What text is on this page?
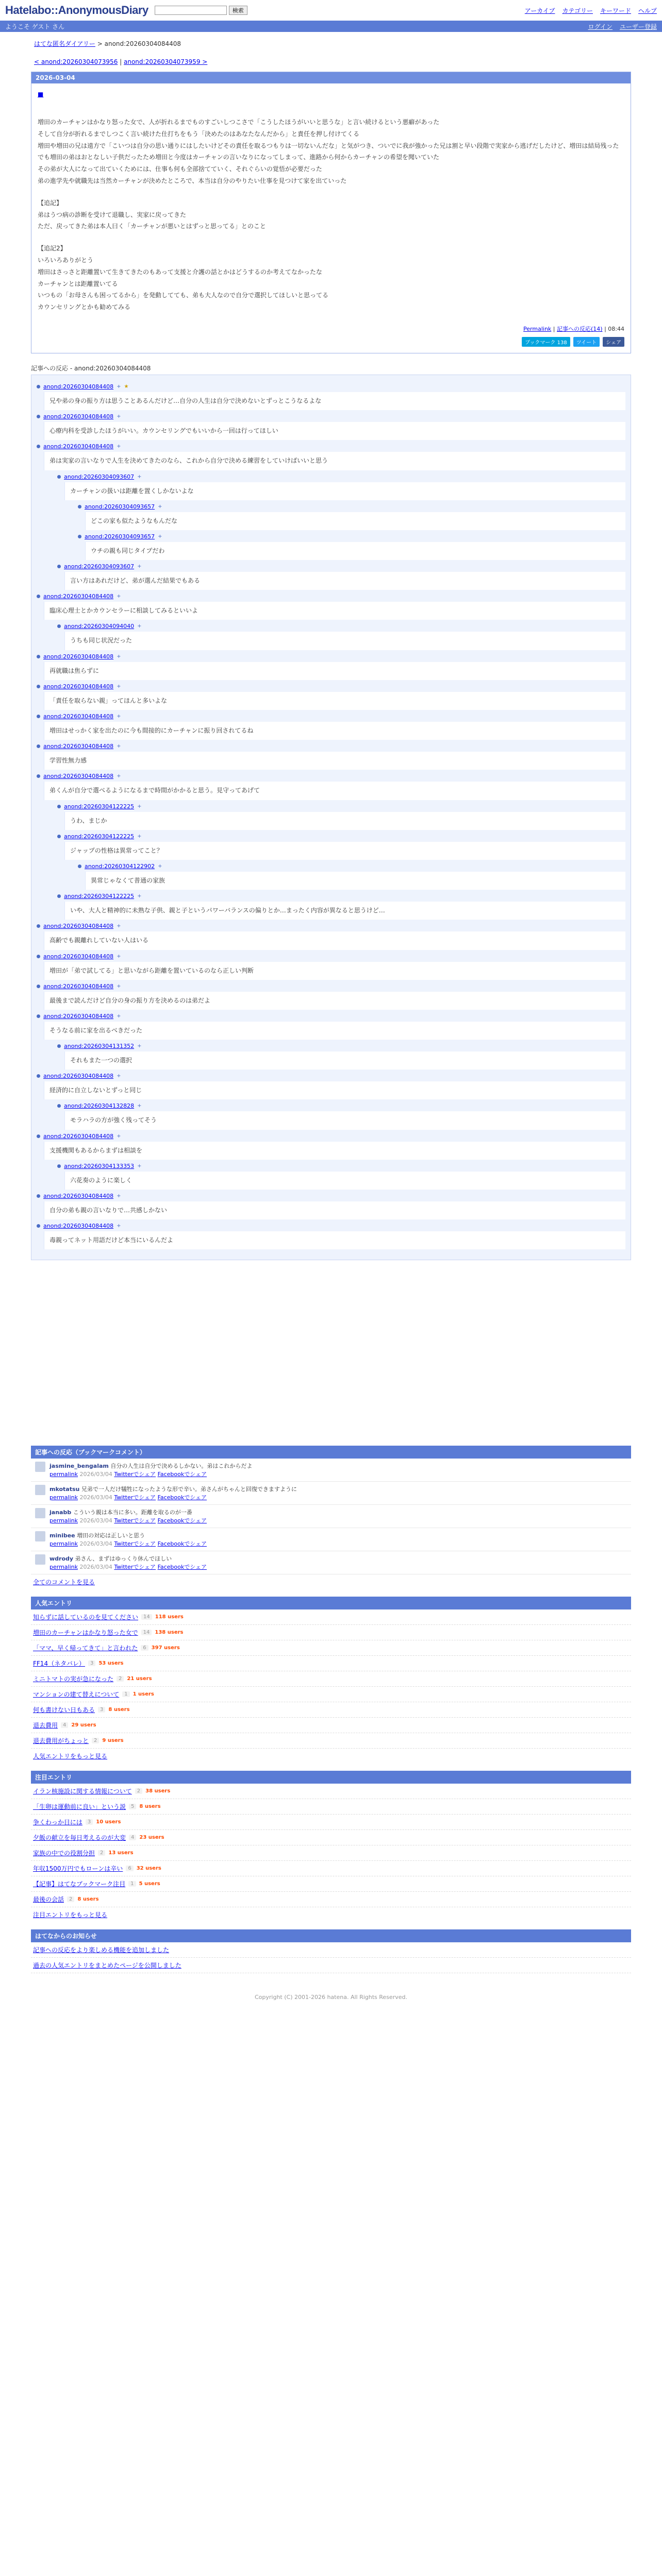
Hatelabo::AnonymousDiary	検索	アーカイブ カテゴリー キーワード ヘルプ
ようこそ ゲスト さん	ログイン ユーザー登録
はてな匿名ダイアリー > anond:20260304084408
< anond:20260304073956 | anond:20260304073959 >
2026-03-04
■

増田のカーチャンはかなり怒った女で、人が折れるまでものすごいしつこさで「こうしたほうがいいと思うな」と言い続けるという悪癖があった

そして自分が折れるまでしつこく言い続けた仕打ちをもう「決めたのはあなたなんだから」と責任を押し付けてくる

増田や増田の兄は遠方で「こいつは自分の思い通りにはしたいけどその責任を取るつもりは一切ないんだな」と気がつき、ついでに我が強かった兄は割と早い段階で実家から逃げだしたけど、増田は結局残った

でも増田の弟はおとなしい子供だったため増田と今度はカーチャンの言いなりになってしまって、進路から何からカーチャンの希望を聞いていた

その弟が大人になって出ていくためには、仕事も何も全部捨てていく、それぐらいの覚悟が必要だった

弟の進学先や就職先は当然カーチャンが決めたところで、本当は自分のやりたい仕事を見つけて家を出ていった

【追記】

弟はうつ病の診断を受けて退職し、実家に戻ってきた

ただ、戻ってきた弟は本人曰く「カーチャンが悪いとはずっと思ってる」とのこと

【追記2】

いろいろありがとう

増田はさっさと距離置いて生きてきたのもあって支援と介護の話とかはどうするのか考えてなかったな

カーチャンとは距離置いてる

いつもの「お母さんも困ってるから」を発動してても、弟も大人なので自分で選択してほしいと思ってる

カウンセリングとかも勧めてみる

Permalink | 記事への反応(14) | 08:44
ブックマーク 138	ツイート	シェア
記事への反応 - anond:20260304084408
anond:20260304084408 + ★
兄や弟の身の振り方は思うことあるんだけど…自分の人生は自分で決めないとずっとこうなるよな
anond:20260304084408 +
心療内科を受診したほうがいい。カウンセリングでもいいから一回は行ってほしい
anond:20260304084408 +
弟は実家の言いなりで人生を決めてきたのなら、これから自分で決める練習をしていけばいいと思う
anond:20260304093607 +
カーチャンの扱いは距離を置くしかないよな
anond:20260304093657 +
どこの家も似たようなもんだな
anond:20260304093657 +
ウチの親も同じタイプだわ
anond:20260304093607 +
言い方はあれだけど、弟が選んだ結果でもある
anond:20260304084408 +
臨床心理士とかカウンセラーに相談してみるといいよ
anond:20260304094040 +
うちも同じ状況だった
anond:20260304084408 +
再就職は焦らずに
anond:20260304084408 +
「責任を取らない親」ってほんと多いよな
anond:20260304084408 +
増田はせっかく家を出たのに今も間接的にカーチャンに振り回されてるね
anond:20260304084408 +
学習性無力感
anond:20260304084408 +
弟くんが自分で選べるようになるまで時間がかかると思う。見守ってあげて
anond:20260304122225 +
うわ、まじか
anond:20260304122225 +
ジャップの性格は異常ってこと？
anond:20260304122902 +
異常じゃなくて普通の家族
anond:20260304122225 +
いや、大人と精神的に未熟な子供、親と子というパワーバランスの偏りとか…まったく内容が異なると思うけど…
anond:20260304084408 +
高齢でも親離れしていない人はいる
anond:20260304084408 +
増田が「弟で試してる」と思いながら距離を置いているのなら正しい判断
anond:20260304084408 +
最後まで読んだけど自分の身の振り方を決めるのは弟だよ
anond:20260304084408 +
そうなる前に家を出るべきだった
anond:20260304131352 +
それもまた一つの選択
anond:20260304084408 +
経済的に自立しないとずっと同じ
anond:20260304132828 +
モラハラの方が強く残ってそう
anond:20260304084408 +
支援機関もあるからまずは相談を
anond:20260304133353 +
六花奏のように楽しく
anond:20260304084408 +
自分の弟も親の言いなりで…共感しかない
anond:20260304084408 +
毒親ってネット用語だけど本当にいるんだよ
記事への反応（ブックマークコメント）
jasmine_bengalam 自分の人生は自分で決めるしかない。弟はこれからだよ
permalink 2026/03/04 Twitterでシェア Facebookでシェア
mkotatsu 兄弟で一人だけ犠牲になったような形で辛い。弟さんがちゃんと回復できますように
permalink 2026/03/04 Twitterでシェア Facebookでシェア
janabb こういう親は本当に多い。距離を取るのが一番
permalink 2026/03/04 Twitterでシェア Facebookでシェア
minibee 増田の対応は正しいと思う
permalink 2026/03/04 Twitterでシェア Facebookでシェア
wdrody 弟さん、まずはゆっくり休んでほしい
permalink 2026/03/04 Twitterでシェア Facebookでシェア
全てのコメントを見る
人気エントリ
知らずに話しているのを見てください	14	118 users
増田のカーチャンはかなり怒った女で	14	138 users
「ママ、早く帰ってきて」と言われた	6	397 users
FF14（ネタバレ）	3	53 users
ミニトマトの実が急になった	2	21 users
マンションの建て替えについて	1	1 users
何も書けない日もある	3	8 users
退去費用	4	29 users
退去費用がちょっと	2	9 users
人気エントリをもっと見る
注目エントリ
イラン核施設に関する情報について	2	38 users
「生卵は運動前に良い」という説	5	8 users
争くわっか日には	3	10 users
夕飯の献立を毎日考えるのが大変	4	23 users
家族の中での役割分担	2	13 users
年収1500万円でもローンは辛い	6	32 users
【記事】はてなブックマーク注目	1	5 users
最後の会話	2	8 users
注目エントリをもっと見る
はてなからのお知らせ
記事への反応をより楽しめる機能を追加しました
過去の人気エントリをまとめたページを公開しました
Copyright (C) 2001-2026 hatena. All Rights Reserved.
